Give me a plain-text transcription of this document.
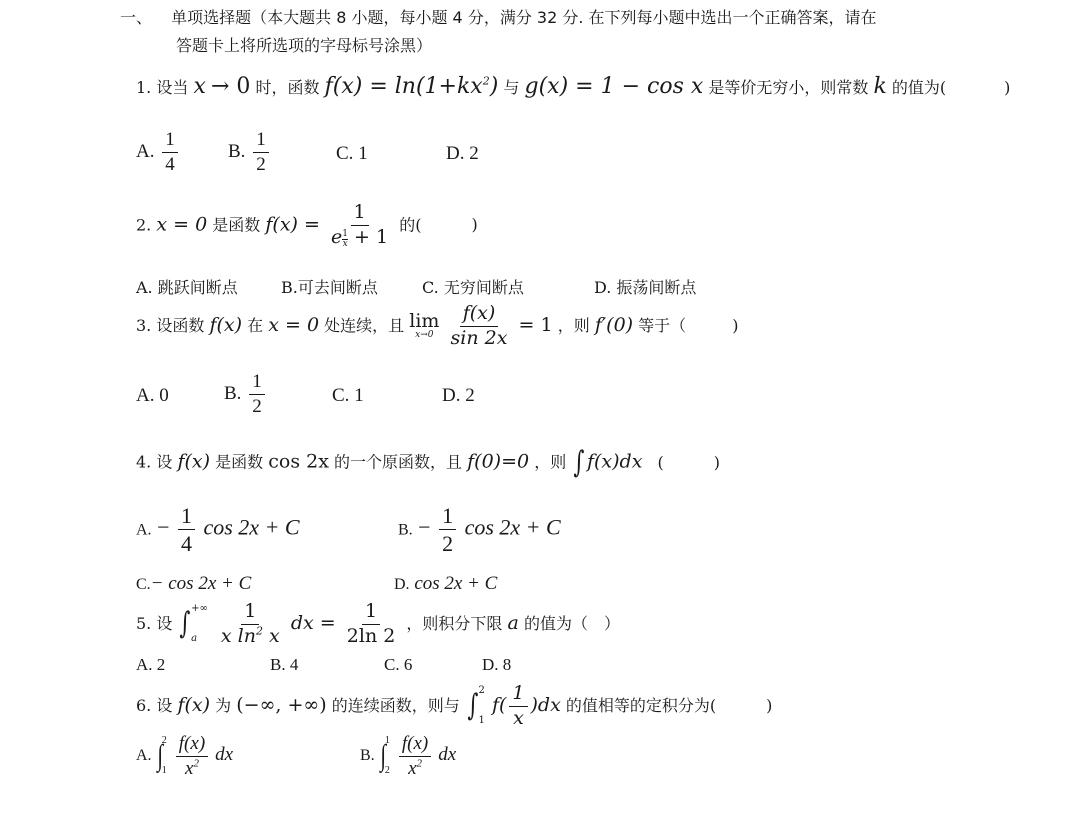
一、 单项选择题（本大题共 8 小题，每小题 4 分，满分 32 分. 在下列每小题中选出一个正确答案，请在
答题卡上将所选项的字母标号涂黑）
1. 设当 x → 0 时，函数 $f(x) = \ln(1+kx^2)$ 与 g(x) = 1 − cos x 是等价无穷小，则常数 k 的值为(	)
A. $\frac{1}{4}$	B. $\frac{1}{2}$	C. 1	D. 2
2. x = 0 是函数 $f(x) = \frac{1}{e \frac{1}{x} + 1}$ 的(	)
A. 跳跃间断点	B.可去间断点	C. 无穷间断点	D. 振荡间断点
3. 设函数 f(x) 在 x = 0 处连续，且 lim
x→0
$\frac{f(x)}{\sin 2x} = 1$ ，则 f′(0) 等于（	)
A. 0	B. $\frac{1}{2}$	C. 1	D. 2
4. 设 f(x) 是函数 cos 2x 的一个原函数，且 f(0)=0 ，则 ∫ f(x)dx (	)
A. − $\frac{1}{4}$ cos 2x + C	B. − $\frac{1}{2}$ cos 2x + C
C.− cos 2x + C	D. cos 2x + C
5. 设 ∫ +∞
a
	$\frac{1}{x \ln^2 x}$ dx = $\frac{1}{2\ln 2}$ ，则积分下限 a 的值为（ ）
A. 2	B. 4	C. 6	D. 8
6. 设 f(x) 为 (−∞, +∞) 的连续函数，则与 ∫ 2
1
$f( \frac{1}{x} )dx$ 的值相等的定积分为(	)
A. ∫ 2
1
$\frac{f(x)}{x^2}$ dx	B. ∫ 1
2
$\frac{f(x)}{x^2}$ dx
